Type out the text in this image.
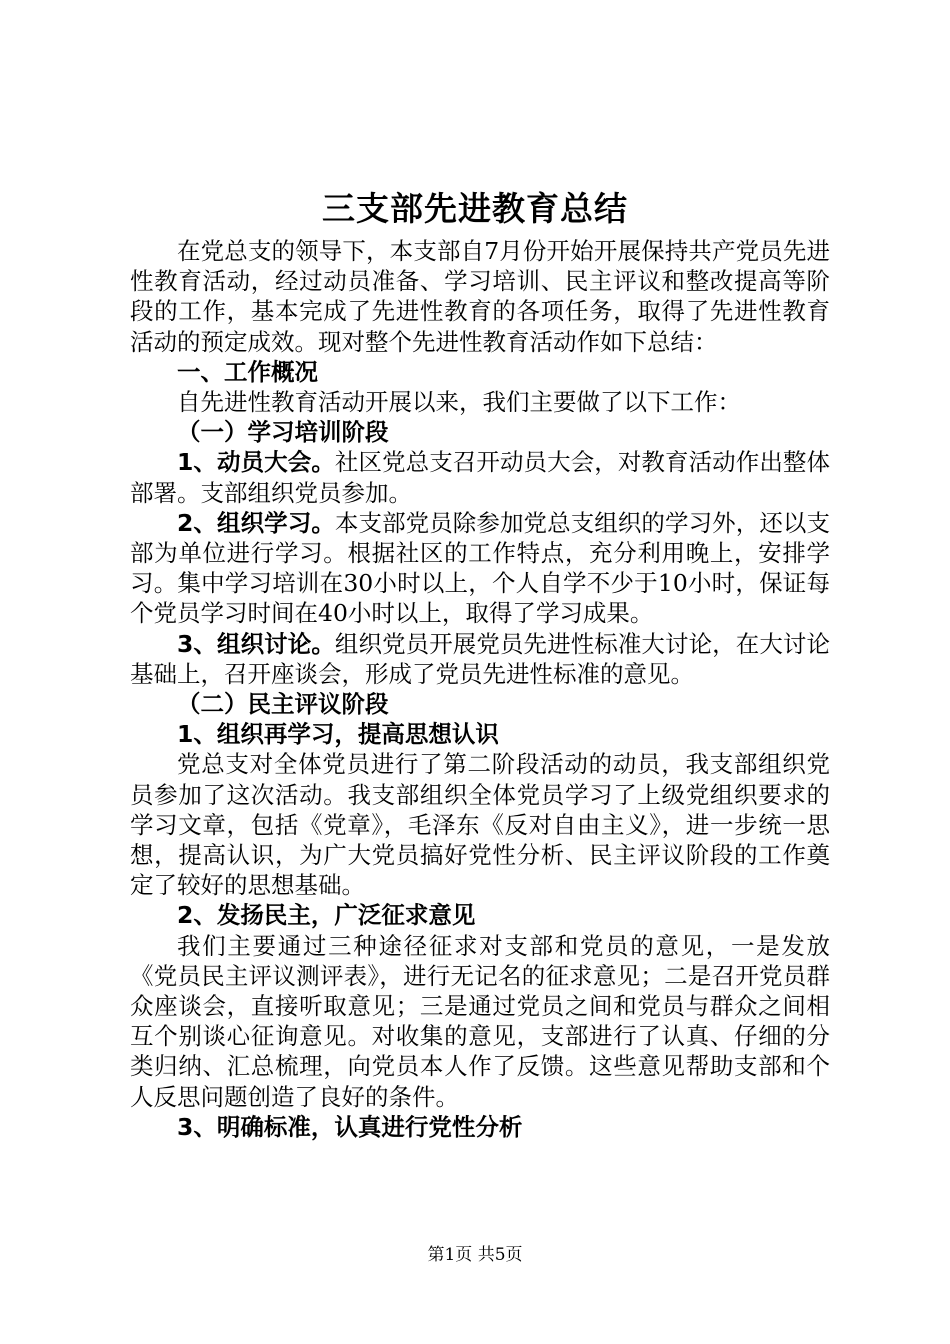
三支部先进教育总结

在党总支的领导下，本支部自7月份开始开展保持共产党员先进性教育活动，经过动员准备、学习培训、民主评议和整改提高等阶段的工作，基本完成了先进性教育的各项任务，取得了先进性教育活动的预定成效。现对整个先进性教育活动作如下总结：

一、工作概况

自先进性教育活动开展以来，我们主要做了以下工作：

（一）学习培训阶段

1、动员大会。社区党总支召开动员大会，对教育活动作出整体部署。支部组织党员参加。

2、组织学习。本支部党员除参加党总支组织的学习外，还以支部为单位进行学习。根据社区的工作特点，充分利用晚上，安排学习。集中学习培训在30小时以上，个人自学不少于10小时，保证每个党员学习时间在40小时以上，取得了学习成果。

3、组织讨论。组织党员开展党员先进性标准大讨论，在大讨论基础上，召开座谈会，形成了党员先进性标准的意见。

（二）民主评议阶段

1、组织再学习，提高思想认识

党总支对全体党员进行了第二阶段活动的动员，我支部组织党员参加了这次活动。我支部组织全体党员学习了上级党组织要求的学习文章，包括《党章》，毛泽东《反对自由主义》，进一步统一思想，提高认识，为广大党员搞好党性分析、民主评议阶段的工作奠定了较好的思想基础。

2、发扬民主，广泛征求意见

我们主要通过三种途径征求对支部和党员的意见，一是发放《党员民主评议测评表》，进行无记名的征求意见；二是召开党员群众座谈会，直接听取意见；三是通过党员之间和党员与群众之间相互个别谈心征询意见。对收集的意见，支部进行了认真、仔细的分类归纳、汇总梳理，向党员本人作了反馈。这些意见帮助支部和个人反思问题创造了良好的条件。

3、明确标准，认真进行党性分析

第1页 共5页
